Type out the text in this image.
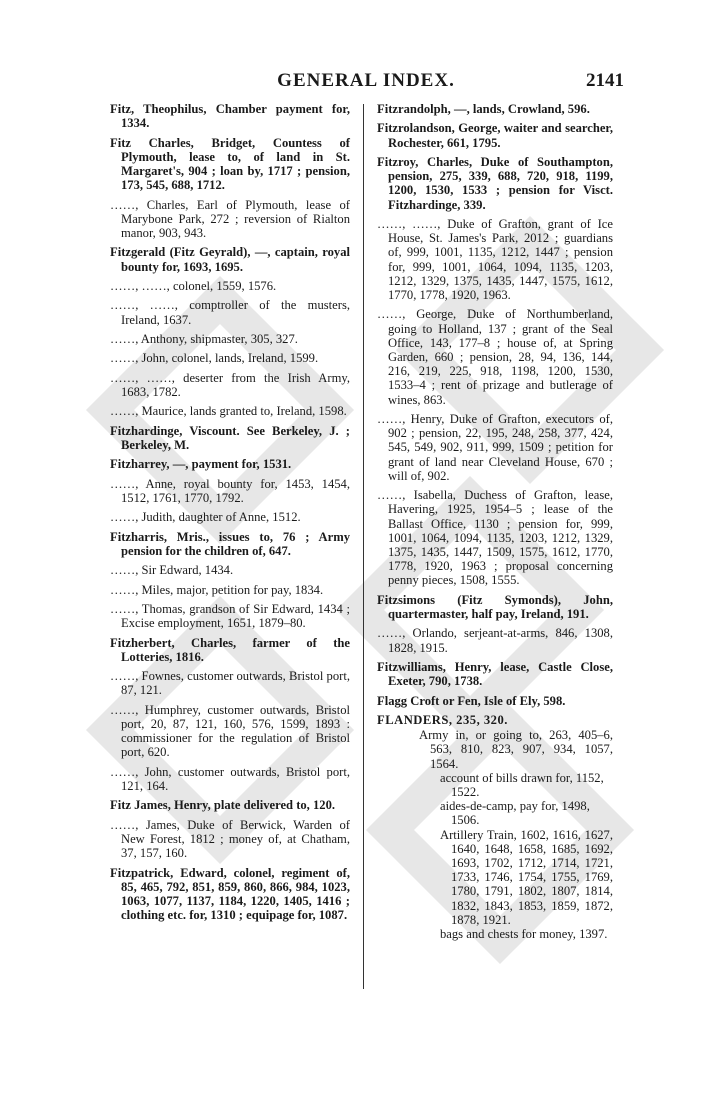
GENERAL INDEX.	2141

Fitz, Theophilus, Chamber payment for, 1334.

Fitz Charles, Bridget, Countess of Plymouth, lease to, of land in St. Margaret's, 904 ; loan by, 1717 ; pension, 173, 545, 688, 1712.

……, Charles, Earl of Plymouth, lease of Marybone Park, 272 ; reversion of Rialton manor, 903, 943.

Fitzgerald (Fitz Geyrald), —, captain, royal bounty for, 1693, 1695.

……, ……, colonel, 1559, 1576.

……, ……, comptroller of the musters, Ireland, 1637.

……, Anthony, shipmaster, 305, 327.

……, John, colonel, lands, Ireland, 1599.

……, ……, deserter from the Irish Army, 1683, 1782.

……, Maurice, lands granted to, Ireland, 1598.

Fitzhardinge, Viscount. See Berkeley, J. ; Berkeley, M.

Fitzharrey, —, payment for, 1531.

……, Anne, royal bounty for, 1453, 1454, 1512, 1761, 1770, 1792.

……, Judith, daughter of Anne, 1512.

Fitzharris, Mris., issues to, 76 ; Army pension for the children of, 647.

……, Sir Edward, 1434.

……, Miles, major, petition for pay, 1834.

……, Thomas, grandson of Sir Edward, 1434 ; Excise employment, 1651, 1879–80.

Fitzherbert, Charles, farmer of the Lotteries, 1816.

……, Fownes, customer outwards, Bristol port, 87, 121.

……, Humphrey, customer outwards, Bristol port, 20, 87, 121, 160, 576, 1599, 1893 : commissioner for the regulation of Bristol port, 620.

……, John, customer outwards, Bristol port, 121, 164.

Fitz James, Henry, plate delivered to, 120.

……, James, Duke of Berwick, Warden of New Forest, 1812 ; money of, at Chatham, 37, 157, 160.

Fitzpatrick, Edward, colonel, regiment of, 85, 465, 792, 851, 859, 860, 866, 984, 1023, 1063, 1077, 1137, 1184, 1220, 1405, 1416 ; clothing etc. for, 1310 ; equipage for, 1087.

Fitzrandolph, —, lands, Crowland, 596.

Fitzrolandson, George, waiter and searcher, Rochester, 661, 1795.

Fitzroy, Charles, Duke of Southampton, pension, 275, 339, 688, 720, 918, 1199, 1200, 1530, 1533 ; pension for Visct. Fitzhardinge, 339.

……, ……, Duke of Grafton, grant of Ice House, St. James's Park, 2012 ; guardians of, 999, 1001, 1135, 1212, 1447 ; pension for, 999, 1001, 1064, 1094, 1135, 1203, 1212, 1329, 1375, 1435, 1447, 1575, 1612, 1770, 1778, 1920, 1963.

……, George, Duke of Northumberland, going to Holland, 137 ; grant of the Seal Office, 143, 177–8 ; house of, at Spring Garden, 660 ; pension, 28, 94, 136, 144, 216, 219, 225, 918, 1198, 1200, 1530, 1533–4 ; rent of prizage and butlerage of wines, 863.

……, Henry, Duke of Grafton, executors of, 902 ; pension, 22, 195, 248, 258, 377, 424, 545, 549, 902, 911, 999, 1509 ; petition for grant of land near Cleveland House, 670 ; will of, 902.

……, Isabella, Duchess of Grafton, lease, Havering, 1925, 1954–5 ; lease of the Ballast Office, 1130 ; pension for, 999, 1001, 1064, 1094, 1135, 1203, 1212, 1329, 1375, 1435, 1447, 1509, 1575, 1612, 1770, 1778, 1920, 1963 ; proposal concerning penny pieces, 1508, 1555.

Fitzsimons (Fitz Symonds), John, quartermaster, half pay, Ireland, 191.

……, Orlando, serjeant-at-arms, 846, 1308, 1828, 1915.

Fitzwilliams, Henry, lease, Castle Close, Exeter, 790, 1738.

Flagg Croft or Fen, Isle of Ely, 598.

FLANDERS, 235, 320.

Army in, or going to, 263, 405–6, 563, 810, 823, 907, 934, 1057, 1564.

account of bills drawn for, 1152, 1522.

aides-de-camp, pay for, 1498, 1506.

Artillery Train, 1602, 1616, 1627, 1640, 1648, 1658, 1685, 1692, 1693, 1702, 1712, 1714, 1721, 1733, 1746, 1754, 1755, 1769, 1780, 1791, 1802, 1807, 1814, 1832, 1843, 1853, 1859, 1872, 1878, 1921.

bags and chests for money, 1397.
